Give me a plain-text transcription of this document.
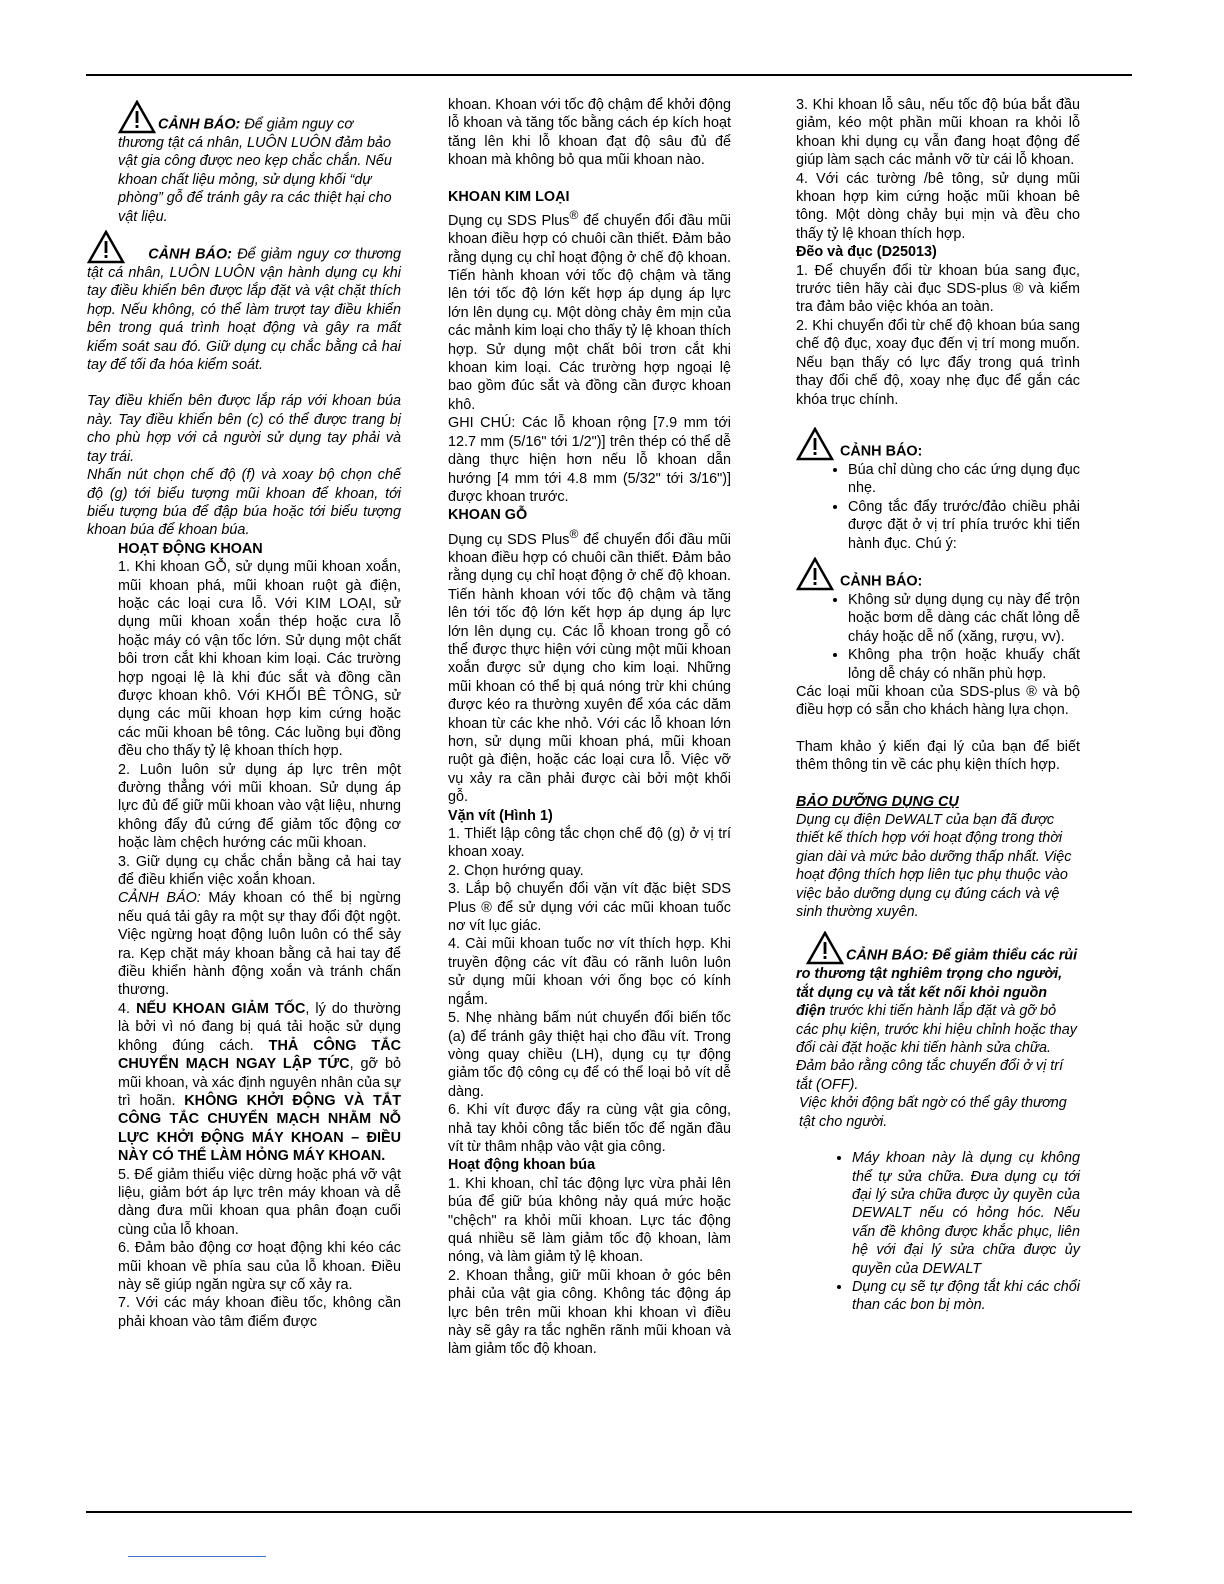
CẢNH BÁO: Để giảm nguy cơ thương tật cá nhân, LUÔN LUÔN đảm bảo vật gia công được neo kẹp chắc chắn. Nếu khoan chất liệu mỏng, sử dụng khối “dự phòng” gỗ để tránh gây ra các thiệt hại cho vật liệu.

CẢNH BÁO: Để giảm nguy cơ thương tật cá nhân, LUÔN LUÔN vận hành dụng cụ khi tay điều khiển bên được lắp đặt và vật chặt thích hợp. Nếu không, có thể làm trượt tay điều khiển bên trong quá trình hoạt động và gây ra mất kiểm soát sau đó. Giữ dụng cụ chắc bằng cả hai tay để tối đa hóa kiểm soát.

Tay điều khiển bên được lắp ráp với khoan búa này. Tay điều khiển bên (c) có thể được trang bị cho phù hợp với cả người sử dụng tay phải và tay trái.

Nhấn nút chọn chế độ (f) và xoay bộ chọn chế độ (g) tới biểu tượng mũi khoan để khoan, tới biểu tượng búa để đập búa hoặc tới biểu tượng khoan búa để khoan búa.

HOẠT ĐỘNG KHOAN

1. Khi khoan GỖ, sử dụng mũi khoan xoắn, mũi khoan phá, mũi khoan ruột gà điện, hoặc các loại cưa lỗ. Với KIM LOẠI, sử dụng mũi khoan xoắn thép hoặc cưa lỗ hoặc máy có vận tốc lớn. Sử dụng một chất bôi trơn cắt khi khoan kim loại. Các trường hợp ngoại lệ là khi đúc sắt và đồng cần được khoan khô. Với KHỐI BÊ TÔNG, sử dụng các mũi khoan hợp kim cứng hoặc các mũi khoan bê tông. Các luồng bụi đồng đều cho thấy tỷ lệ khoan thích hợp.

2. Luôn luôn sử dụng áp lực trên một đường thẳng với mũi khoan. Sử dụng áp lực đủ để giữ mũi khoan vào vật liệu, nhưng không đẩy đủ cứng để giảm tốc động cơ hoặc làm chệch hướng các mũi khoan.

3. Giữ dụng cụ chắc chắn bằng cả hai tay để điều khiển việc xoắn khoan.

CẢNH BÁO: Máy khoan có thể bị ngừng nếu quá tải gây ra một sự thay đổi đột ngột. Việc ngừng hoạt động luôn luôn có thể sảy ra. Kẹp chặt máy khoan bằng cả hai tay để điều khiển hành động xoắn và tránh chấn thương.

4. NẾU KHOAN GIẢM TỐC, lý do thường là bởi vì nó đang bị quá tải hoặc sử dụng không đúng cách. THẢ CÔNG TẮC CHUYỂN MẠCH NGAY LẬP TỨC, gỡ bỏ mũi khoan, và xác định nguyên nhân của sự trì hoãn. KHÔNG KHỞI ĐỘNG VÀ TẮT CÔNG TẮC CHUYỂN MẠCH NHẰM NỖ LỰC KHỞI ĐỘNG MÁY KHOAN – ĐIỀU NÀY CÓ THỂ LÀM HỎNG MÁY KHOAN.

5. Để giảm thiểu việc dừng hoặc phá vỡ vật liệu, giảm bớt áp lực trên máy khoan và dễ dàng đưa mũi khoan qua phân đoạn cuối cùng của lỗ khoan.

6. Đảm bảo động cơ hoạt động khi kéo các mũi khoan về phía sau của lỗ khoan. Điều này sẽ giúp ngăn ngừa sự cố xảy ra.

7. Với các máy khoan điều tốc, không cần phải khoan vào tâm điểm được

khoan. Khoan với tốc độ chậm để khởi động lỗ khoan và tăng tốc bằng cách ép kích hoạt tăng lên khi lỗ khoan đạt độ sâu đủ để khoan mà không bỏ qua mũi khoan nào.

KHOAN KIM LOẠI

Dụng cụ SDS Plus® để chuyển đổi đầu mũi khoan điều hợp có chuôi cần thiết. Đảm bảo rằng dụng cụ chỉ hoạt động ở chế độ khoan. Tiến hành khoan với tốc độ chậm và tăng lên tới tốc độ lớn kết hợp áp dụng áp lực lớn lên dụng cụ. Một dòng chảy êm mịn của các mảnh kim loại cho thấy tỷ lệ khoan thích hợp. Sử dụng một chất bôi trơn cắt khi khoan kim loại. Các trường hợp ngoại lệ bao gồm đúc sắt và đồng cần được khoan khô.

GHI CHÚ: Các lỗ khoan rộng [7.9 mm tới 12.7 mm (5/16" tới 1/2")] trên thép có thể dễ dàng thực hiện hơn nếu lỗ khoan dẫn hướng [4 mm tới 4.8 mm (5/32" tới 3/16")] được khoan trước.

KHOAN GỖ

Dụng cụ SDS Plus® để chuyển đổi đầu mũi khoan điều hợp có chuôi cần thiết. Đảm bảo rằng dụng cụ chỉ hoạt động ở chế độ khoan. Tiến hành khoan với tốc độ chậm và tăng lên tới tốc độ lớn kết hợp áp dụng áp lực lớn lên dụng cụ. Các lỗ khoan trong gỗ có thể được thực hiện với cùng một mũi khoan xoắn được sử dụng cho kim loại. Những mũi khoan có thể bị quá nóng trừ khi chúng được kéo ra thường xuyên để xóa các dăm khoan từ các khe nhỏ. Với các lỗ khoan lớn hơn, sử dụng mũi khoan phá, mũi khoan ruột gà điện, hoặc các loại cưa lỗ. Việc vỡ vụ xảy ra cần phải được cài bởi một khối gỗ.

Vặn vít (Hình 1)

1. Thiết lập công tắc chọn chế độ (g) ở vị trí khoan xoay.

2. Chọn hướng quay.

3. Lắp bộ chuyển đổi vặn vít đặc biệt SDS Plus ® để sử dụng với các mũi khoan tuốc nơ vít lục giác.

4. Cài mũi khoan tuốc nơ vít thích hợp. Khi truyền động các vít đầu có rãnh luôn luôn sử dụng mũi khoan với ống bọc có kính ngắm.

5. Nhẹ nhàng bấm nút chuyển đổi biến tốc (a) để tránh gây thiệt hại cho đầu vít. Trong vòng quay chiều (LH), dụng cụ tự động giảm tốc độ công cụ để có thể loại bỏ vít dễ dàng.

6. Khi vít được đẩy ra cùng vật gia công, nhả tay khỏi công tắc biến tốc để ngăn đầu vít từ thâm nhập vào vật gia công.

Hoạt động khoan búa

1. Khi khoan, chỉ tác động lực vừa phải lên búa để giữ búa không nảy quá mức hoặc "chệch" ra khỏi mũi khoan. Lực tác động quá nhiều sẽ làm giảm tốc độ khoan, làm nóng, và làm giảm tỷ lệ khoan.

2. Khoan thẳng, giữ mũi khoan ở góc bên phải của vật gia công. Không tác động áp lực bên trên mũi khoan khi khoan vì điều này sẽ gây ra tắc nghẽn rãnh mũi khoan và làm giảm tốc độ khoan.

3. Khi khoan lỗ sâu, nếu tốc độ búa bắt đầu giảm, kéo một phần mũi khoan ra khỏi lỗ khoan khi dụng cụ vẫn đang hoạt động để giúp làm sạch các mảnh vỡ từ cái lỗ khoan.

4. Với các tường /bê tông, sử dụng mũi khoan hợp kim cứng hoặc mũi khoan bê tông. Một dòng chảy bụi mịn và đều cho thấy tỷ lệ khoan thích hợp.

Đẽo và đục (D25013)

1. Để chuyển đổi từ khoan búa sang đục, trước tiên hãy cài đục SDS-plus ® và kiểm tra đảm bảo việc khóa an toàn.

2. Khi chuyển đổi từ chế độ khoan búa sang chế độ đục, xoay đục đến vị trí mong muốn. Nếu bạn thấy có lực đẩy trong quá trình thay đổi chế độ, xoay nhẹ đục để gắn các khóa trục chính.

CẢNH BÁO:

• Búa chỉ dùng cho các ứng dụng đục nhẹ.
• Công tắc đẩy trước/đảo chiều phải được đặt ở vị trí phía trước khi tiến hành đục. Chú ý:

CẢNH BÁO:

• Không sử dụng dụng cụ này để trộn hoặc bơm dễ dàng các chất lỏng dễ cháy hoặc dễ nổ (xăng, rượu, vv).
• Không pha trộn hoặc khuấy chất lỏng dễ cháy có nhãn phù hợp.

Các loại mũi khoan của SDS-plus ® và bộ điều hợp có sẵn cho khách hàng lựa chọn.

Tham khảo ý kiến đại lý của bạn để biết thêm thông tin về các phụ kiện thích hợp.

BẢO DƯỠNG DỤNG CỤ

Dụng cụ điện DeWALT của bạn đã được thiết kế thích hợp với hoạt động trong thời gian dài và mức bảo dưỡng thấp nhất. Việc hoạt động thích hợp liên tục phụ thuộc vào việc bảo dưỡng dụng cụ đúng cách và vệ sinh thường xuyên.

CẢNH BÁO: Để giảm thiểu các rủi ro thương tật nghiêm trọng cho người, tắt dụng cụ và tắt kết nối khỏi nguồn điện trước khi tiến hành lắp đặt và gỡ bỏ các phụ kiện, trước khi hiệu chỉnh hoặc thay đổi cài đặt hoặc khi tiến hành sửa chữa. Đảm bảo rằng công tắc chuyển đổi ở vị trí tắt (OFF).

Việc khởi động bất ngờ có thể gây thương tật cho người.

• Máy khoan này là dụng cụ không thể tự sửa chữa. Đưa dụng cụ tới đại lý sửa chữa được ủy quyền của DEWALT nếu có hỏng hóc. Nếu vấn đề không được khắc phục, liên hệ với đại lý sửa chữa được ủy quyền của DEWALT
• Dụng cụ sẽ tự động tắt khi các chổi than các bon bị mòn.
